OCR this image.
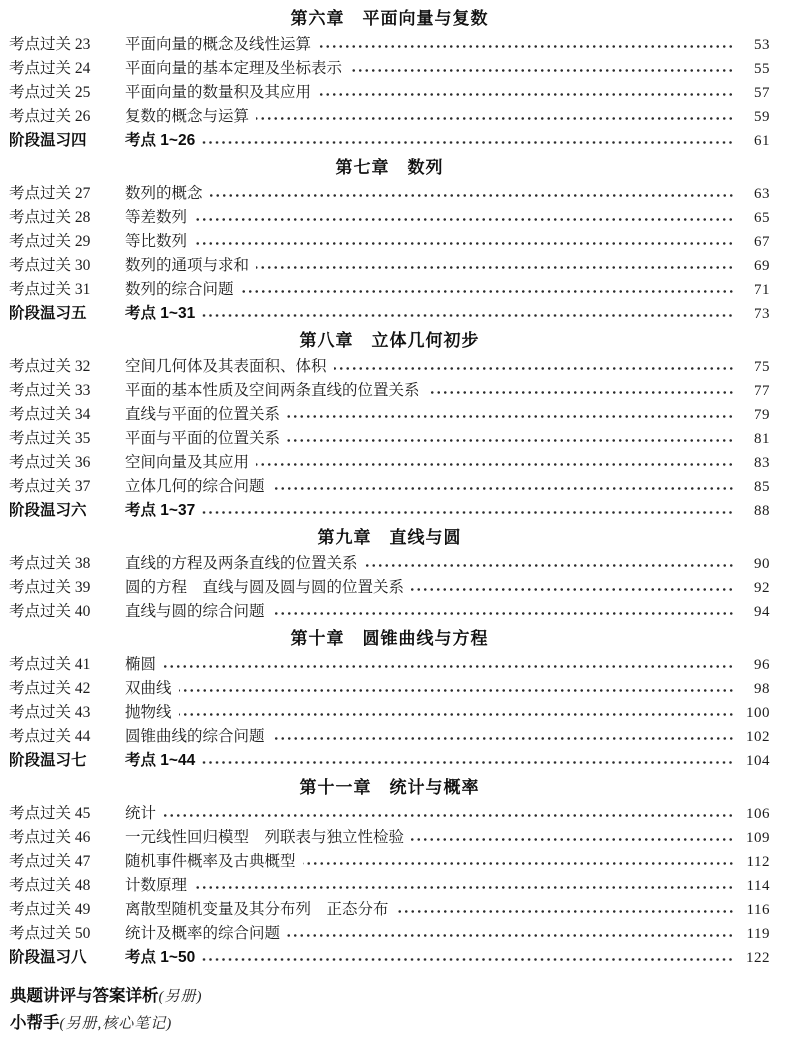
第六章　平面向量与复数
考点过关 23	平面向量的概念及线性运算	53
考点过关 24	平面向量的基本定理及坐标表示	55
考点过关 25	平面向量的数量积及其应用	57
考点过关 26	复数的概念与运算	59
阶段温习四	考点 1~26	61
第七章　数列
考点过关 27	数列的概念	63
考点过关 28	等差数列	65
考点过关 29	等比数列	67
考点过关 30	数列的通项与求和	69
考点过关 31	数列的综合问题	71
阶段温习五	考点 1~31	73
第八章　立体几何初步
考点过关 32	空间几何体及其表面积、体积	75
考点过关 33	平面的基本性质及空间两条直线的位置关系	77
考点过关 34	直线与平面的位置关系	79
考点过关 35	平面与平面的位置关系	81
考点过关 36	空间向量及其应用	83
考点过关 37	立体几何的综合问题	85
阶段温习六	考点 1~37	88
第九章　直线与圆
考点过关 38	直线的方程及两条直线的位置关系	90
考点过关 39	圆的方程　直线与圆及圆与圆的位置关系	92
考点过关 40	直线与圆的综合问题	94
第十章　圆锥曲线与方程
考点过关 41	椭圆	96
考点过关 42	双曲线	98
考点过关 43	抛物线	100
考点过关 44	圆锥曲线的综合问题	102
阶段温习七	考点 1~44	104
第十一章　统计与概率
考点过关 45	统计	106
考点过关 46	一元线性回归模型　列联表与独立性检验	109
考点过关 47	随机事件概率及古典概型	112
考点过关 48	计数原理	114
考点过关 49	离散型随机变量及其分布列　正态分布	116
考点过关 50	统计及概率的综合问题	119
阶段温习八	考点 1~50	122
典题讲评与答案详析(另册)
小帮手(另册,核心笔记)
